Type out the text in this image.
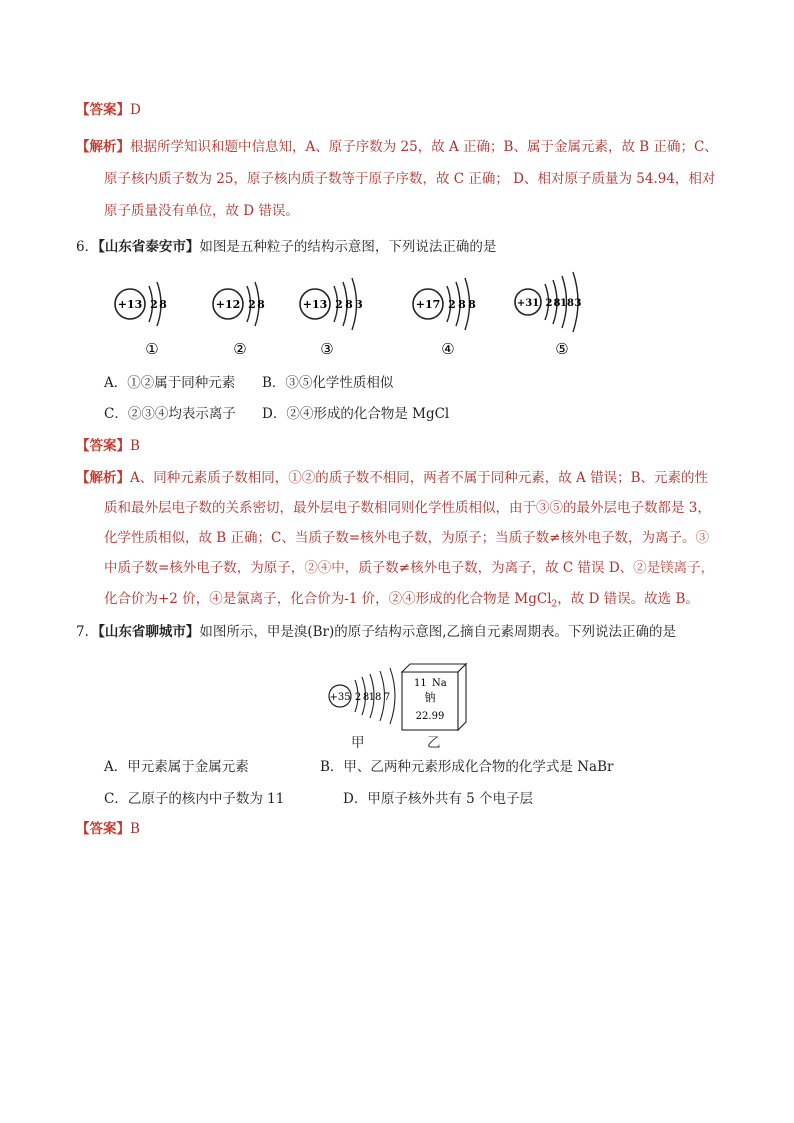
【答案】D
【解析】根据所学知识和题中信息知，A、原子序数为 25，故 A 正确；B、属于金属元素，故 B 正确；C、
原子核内质子数为 25，原子核内质子数等于原子序数，故 C 正确； D、相对原子质量为 54.94，相对
原子质量没有单位，故 D 错误。
6．【山东省泰安市】如图是五种粒子的结构示意图，下列说法正确的是
+13 2 8
①
+12 2 8
②
+13 2 8 3
③
+17 2 8 8
④
+31 2 8 18 3
⑤
A．①②属于同种元素 B．③⑤化学性质相似
C．②③④均表示离子 D．②④形成的化合物是 MgCl
【答案】B
【解析】A、同种元素质子数相同，①②的质子数不相同，两者不属于同种元素，故 A 错误；B、元素的性
质和最外层电子数的关系密切，最外层电子数相同则化学性质相似，由于③⑤的最外层电子数都是 3，
化学性质相似，故 B 正确；C、当质子数=核外电子数，为原子；当质子数≠核外电子数，为离子。③
中质子数=核外电子数，为原子，②④中，质子数≠核外电子数，为离子，故 C 错误 D、②是镁离子，
化合价为+2 价，④是氯离子，化合价为-1 价，②④形成的化合物是 MgCl$_2$，故 D 错误。故选 B。
7．【山东省聊城市】如图所示，甲是溴(Br)的原子结构示意图,乙摘自元素周期表。下列说法正确的是
+35 2 8 18 7
11 Na
钠
22.99
甲	乙
A．甲元素属于金属元素	B．甲、乙两种元素形成化合物的化学式是 NaBr
C．乙原子的核内中子数为 11	D．甲原子核外共有 5 个电子层
【答案】B
